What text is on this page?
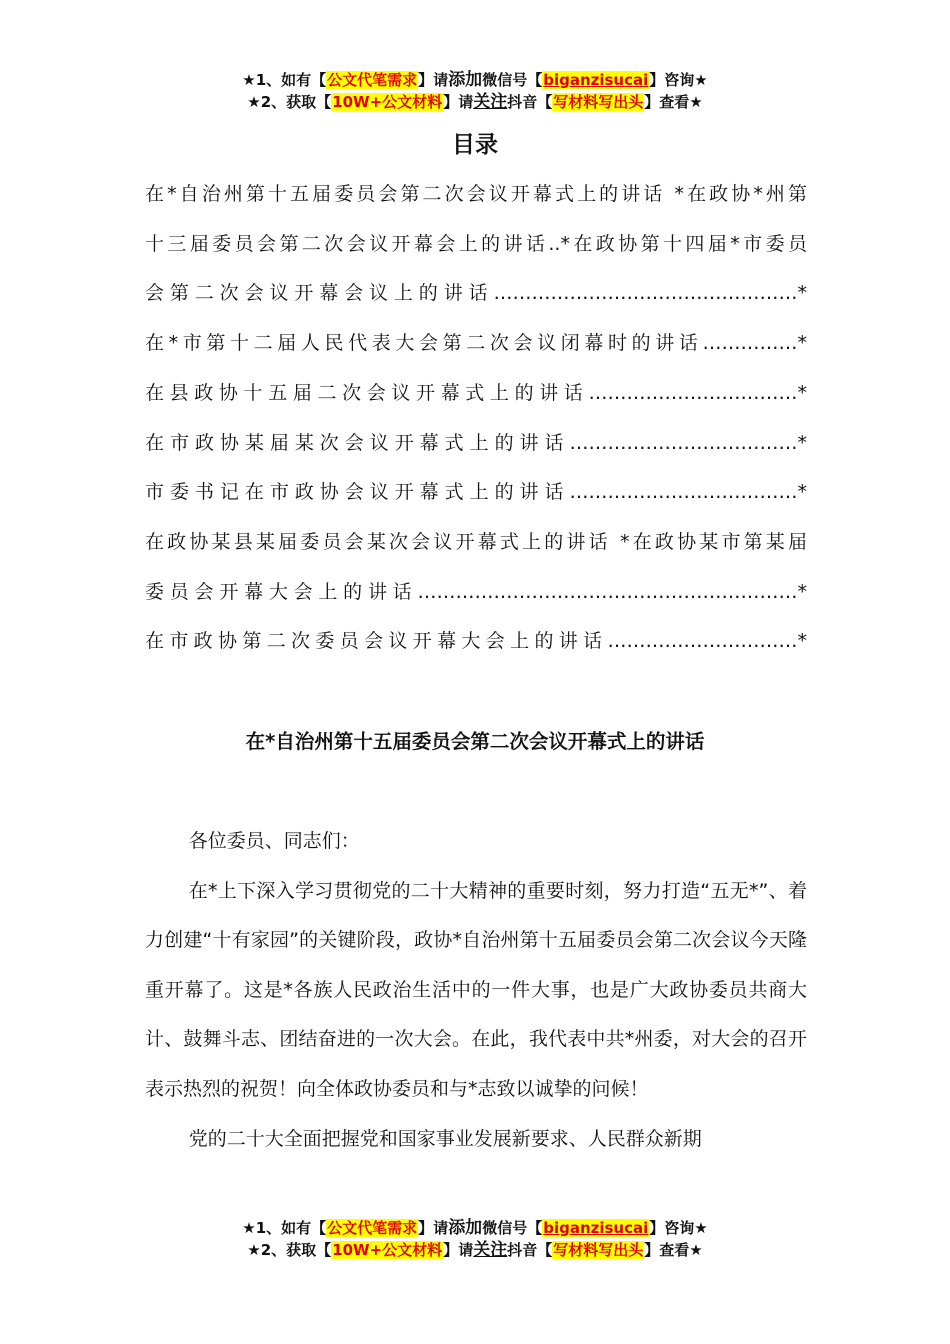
★1、如有【公文代笔需求】请添加微信号【biganzisucai】咨询★
★2、获取【10W+公文材料】请关注抖音【写材料写出头】查看★
目录
在*自治州第十五届委员会第二次会议开幕式上的讲话 *在政协*州第
十三届委员会第二次会议开幕会上的讲话..*在政协第十四届*市委员
会第二次会议开幕会议上的讲话…………………………………………*
在*市第十二届人民代表大会第二次会议闭幕时的讲话……………*
在县政协十五届二次会议开幕式上的讲话……………………………*
在市政协某届某次会议开幕式上的讲话………………………………*
市委书记在市政协会议开幕式上的讲话………………………………*
在政协某县某届委员会某次会议开幕式上的讲话 *在政协某市第某届
委员会开幕大会上的讲话……………………………………………………*
在市政协第二次委员会议开幕大会上的讲话…………………………*
在*自治州第十五届委员会第二次会议开幕式上的讲话

各位委员、同志们：

在*上下深入学习贯彻党的二十大精神的重要时刻，努力打造“五无*”、着力创建“十有家园”的关键阶段，政协*自治州第十五届委员会第二次会议今天隆重开幕了。这是*各族人民政治生活中的一件大事，也是广大政协委员共商大计、鼓舞斗志、团结奋进的一次大会。在此，我代表中共*州委，对大会的召开表示热烈的祝贺！向全体政协委员和与*志致以诚挚的问候！

党的二十大全面把握党和国家事业发展新要求、人民群众新期

★1、如有【公文代笔需求】请添加微信号【biganzisucai】咨询★
★2、获取【10W+公文材料】请关注抖音【写材料写出头】查看★
